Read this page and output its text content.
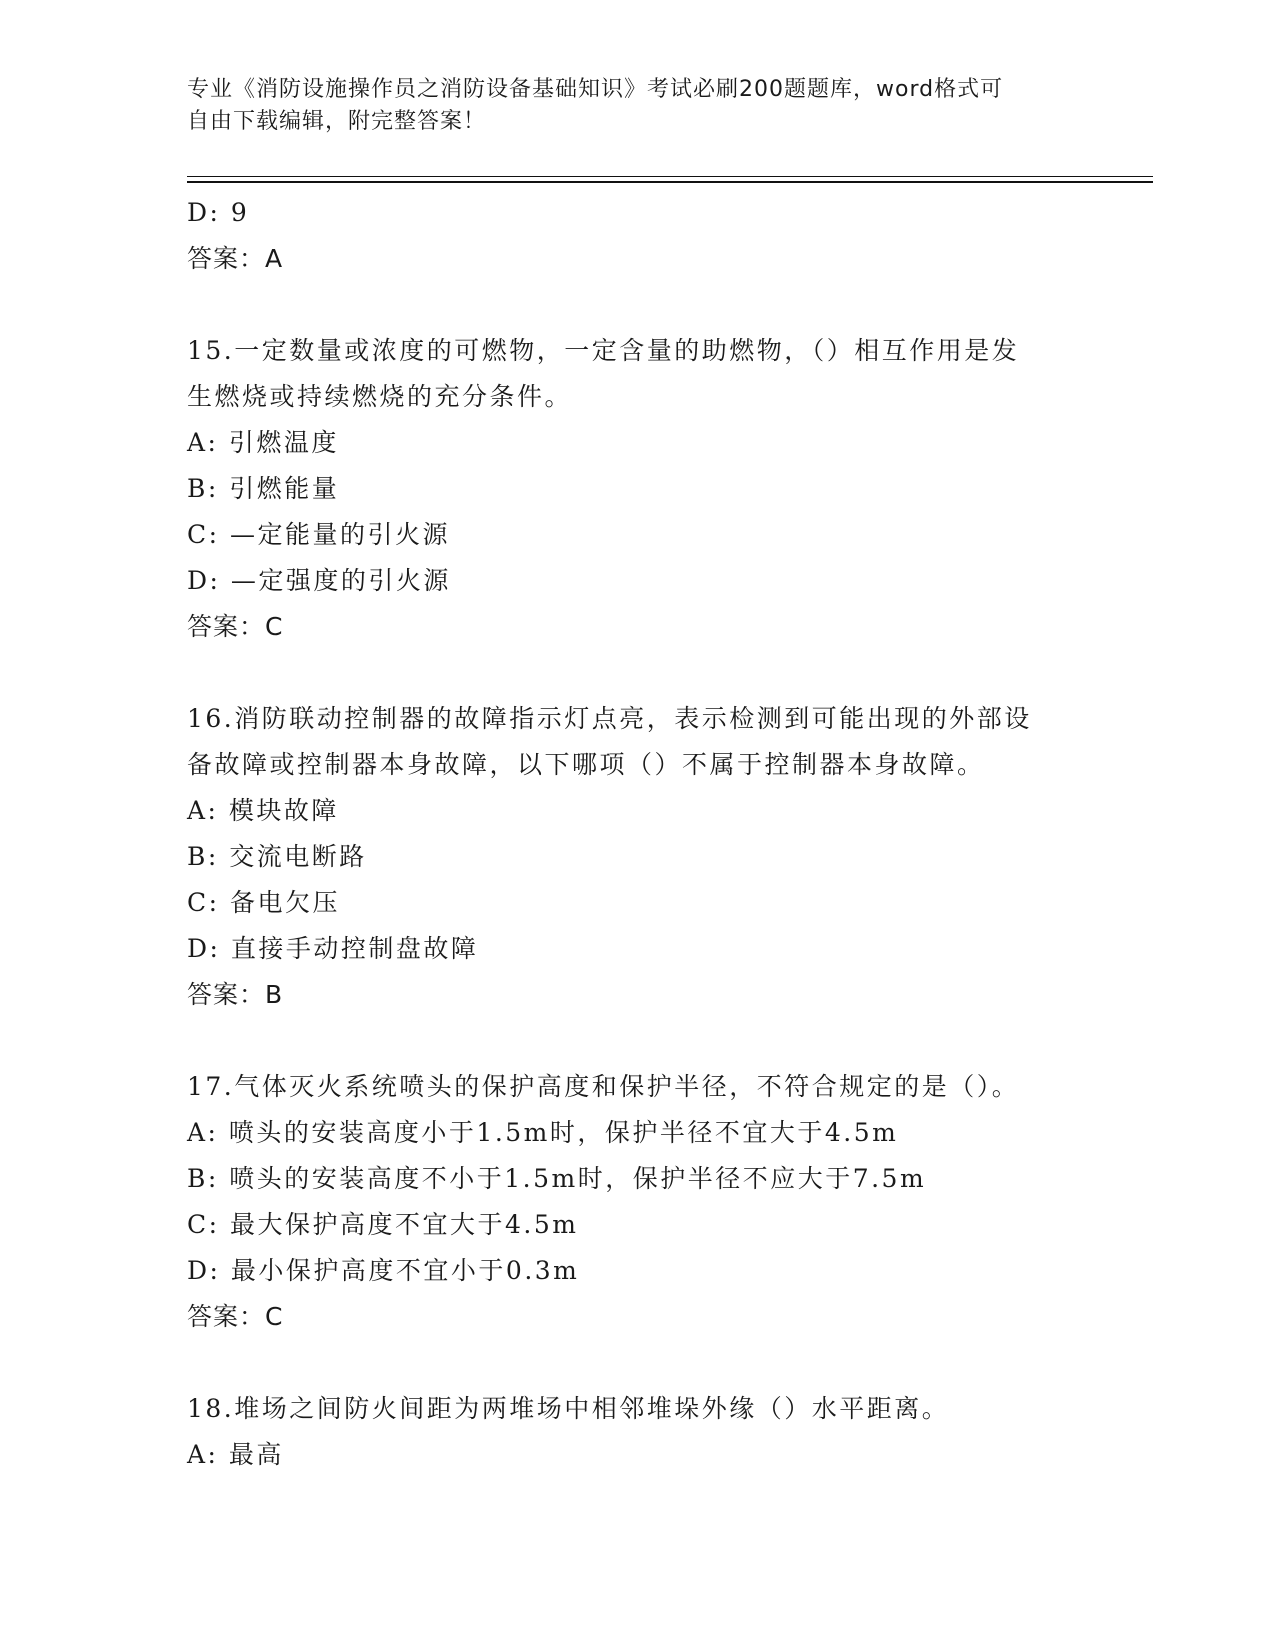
专业《消防设施操作员之消防设备基础知识》考试必刷200题题库，word格式可
自由下载编辑，附完整答案！
D: 9
答案：A
15.一定数量或浓度的可燃物，一定含量的助燃物，（）相互作用是发
生燃烧或持续燃烧的充分条件。
A: 引燃温度
B: 引燃能量
C: —定能量的引火源
D: —定强度的引火源
答案：C
16.消防联动控制器的故障指示灯点亮，表示检测到可能出现的外部设
备故障或控制器本身故障，以下哪项（）不属于控制器本身故障。
A: 模块故障
B: 交流电断路
C: 备电欠压
D: 直接手动控制盘故障
答案：B
17.气体灭火系统喷头的保护高度和保护半径，不符合规定的是（）。
A: 喷头的安装高度小于1.5m时，保护半径不宜大于4.5m
B: 喷头的安装高度不小于1.5m时，保护半径不应大于7.5m
C: 最大保护高度不宜大于4.5m
D: 最小保护高度不宜小于0.3m
答案：C
18.堆场之间防火间距为两堆场中相邻堆垛外缘（）水平距离。
A: 最高
